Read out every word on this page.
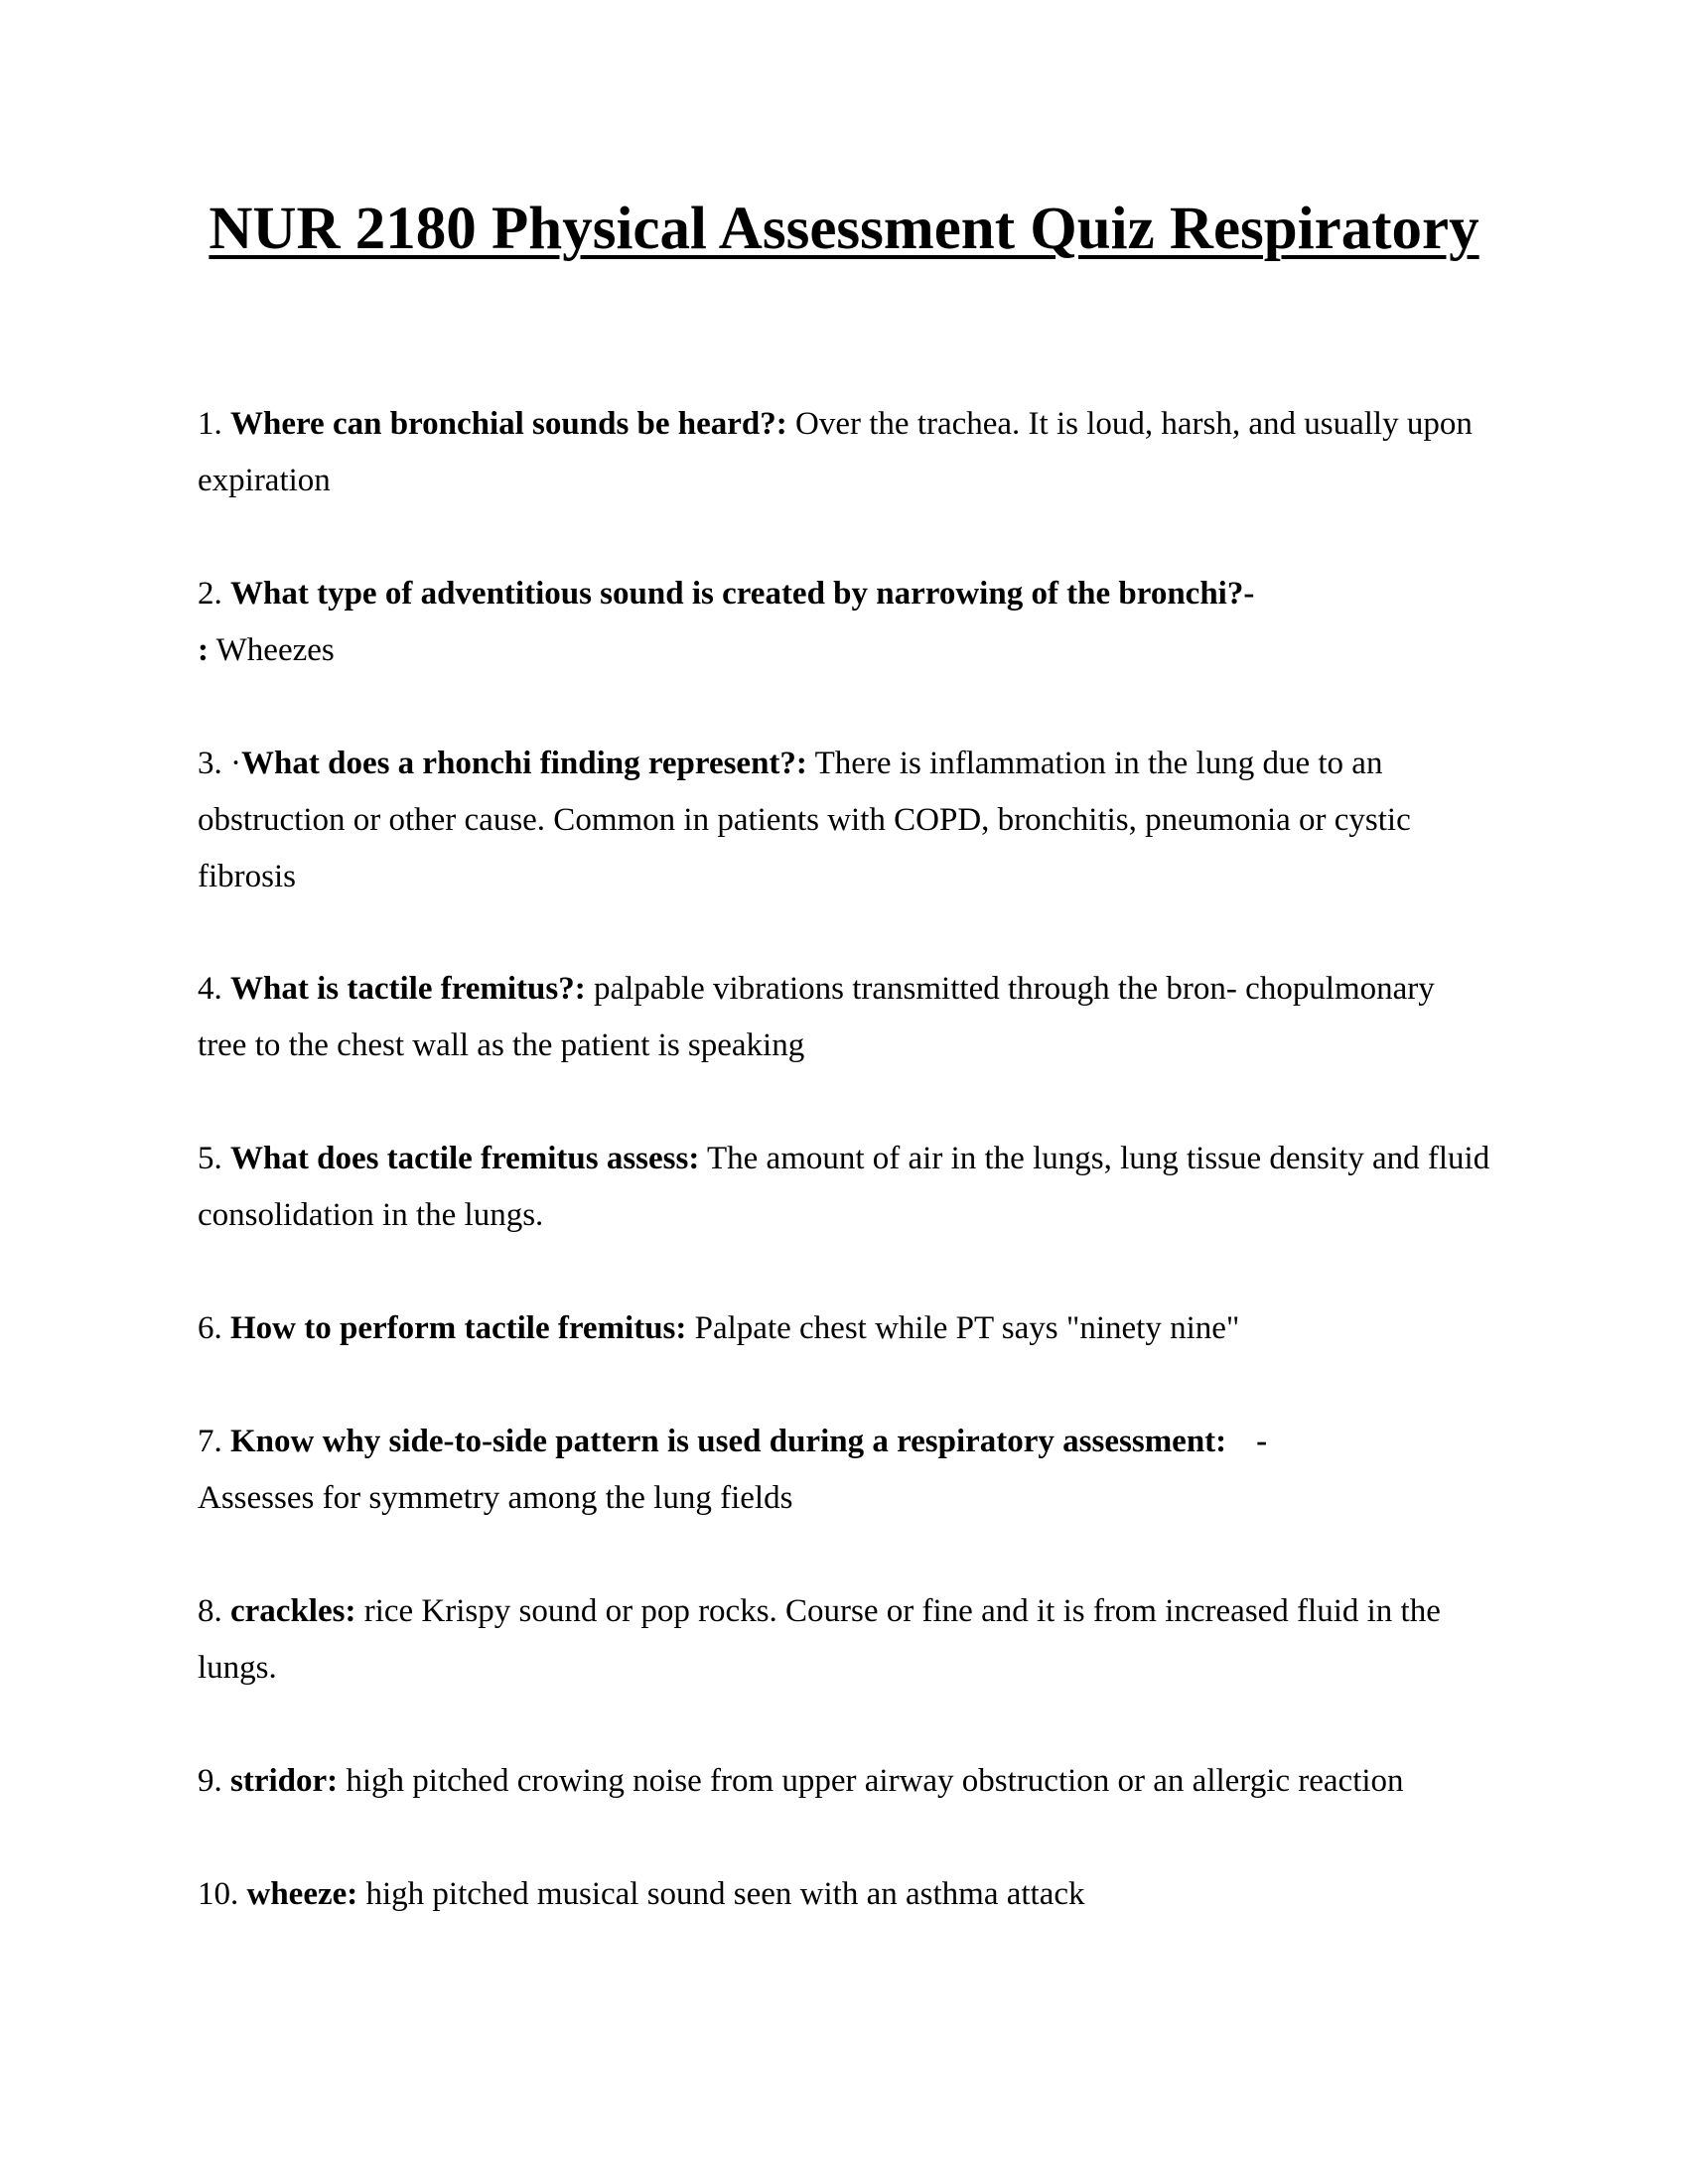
NUR 2180 Physical Assessment Quiz Respiratory
1. Where can bronchial sounds be heard?: Over the trachea. It is loud, harsh, and usually upon
expiration
2. What type of adventitious sound is created by narrowing of the bronchi?-
: Wheezes
3. ·What does a rhonchi finding represent?: There is inflammation in the lung due to an
obstruction or other cause. Common in patients with COPD, bronchitis, pneumonia or cystic
fibrosis
4. What is tactile fremitus?: palpable vibrations transmitted through the bron- chopulmonary
tree to the chest wall as the patient is speaking
5. What does tactile fremitus assess: The amount of air in the lungs, lung tissue density and fluid
consolidation in the lungs.
6. How to perform tactile fremitus: Palpate chest while PT says "ninety nine"
7. Know why side-to-side pattern is used during a respiratory assessment: -
Assesses for symmetry among the lung fields
8. crackles: rice Krispy sound or pop rocks. Course or fine and it is from increased fluid in the
lungs.
9. stridor: high pitched crowing noise from upper airway obstruction or an allergic reaction
10. wheeze: high pitched musical sound seen with an asthma attack
